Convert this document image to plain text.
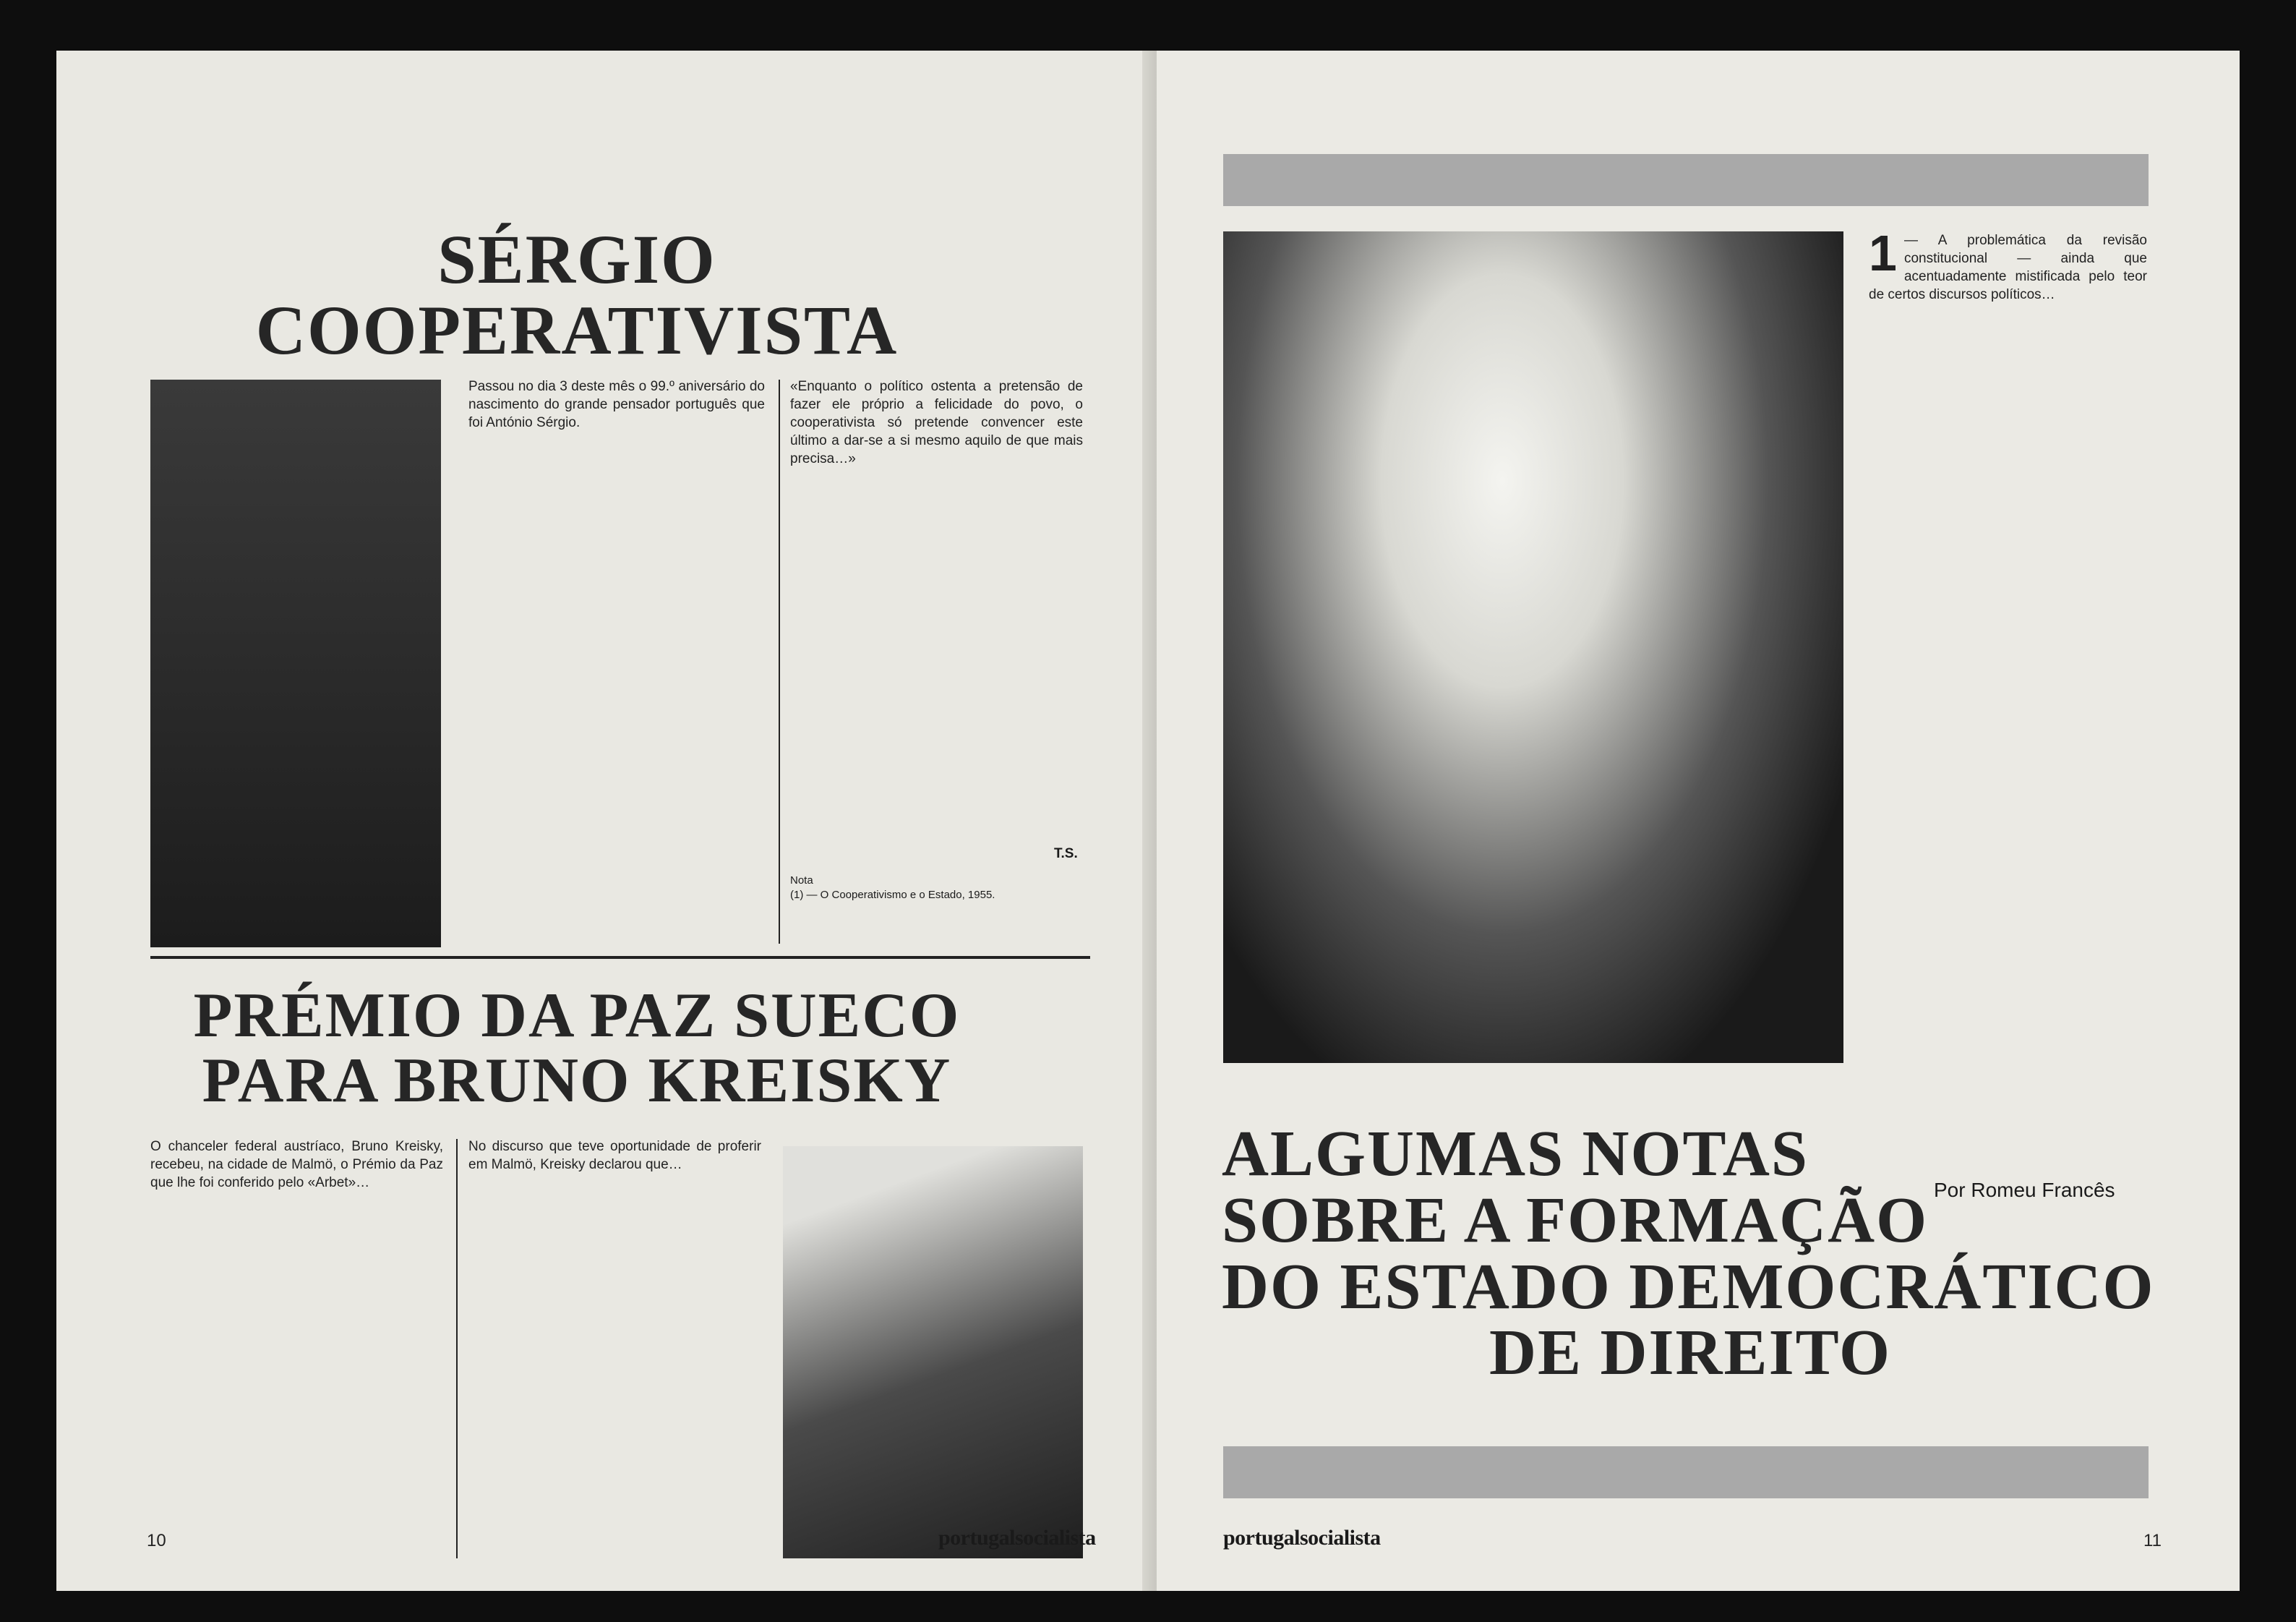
SÉRGIO
COOPERATIVISTA

Passou no dia 3 deste mês o 99.º aniversário do nascimento do grande pensador português que foi António Sérgio.

«Enquanto o político ostenta a pretensão de fazer ele próprio a felicidade do povo, o cooperativista só pretende convencer este último a dar-se a si mesmo aquilo de que mais precisa…»

T.S.
Nota
(1) — O Cooperativismo e o Estado, 1955.
PRÉMIO DA PAZ SUECO
PARA BRUNO KREISKY

O chanceler federal austríaco, Bruno Kreisky, recebeu, na cidade de Malmö, o Prémio da Paz que lhe foi conferido pelo «Arbet»…

No discurso que teve oportunidade de proferir em Malmö, Kreisky declarou que…

10	portugalsocialista
1 — A problemática da revisão constitucional — ainda que acentuadamente mistificada pelo teor de certos discursos políticos…

ALGUMAS NOTAS
SOBRE A FORMAÇÃO
DO ESTADO DEMOCRÁTICO
DE DIREITO
Por Romeu Francês
portugalsocialista	11
